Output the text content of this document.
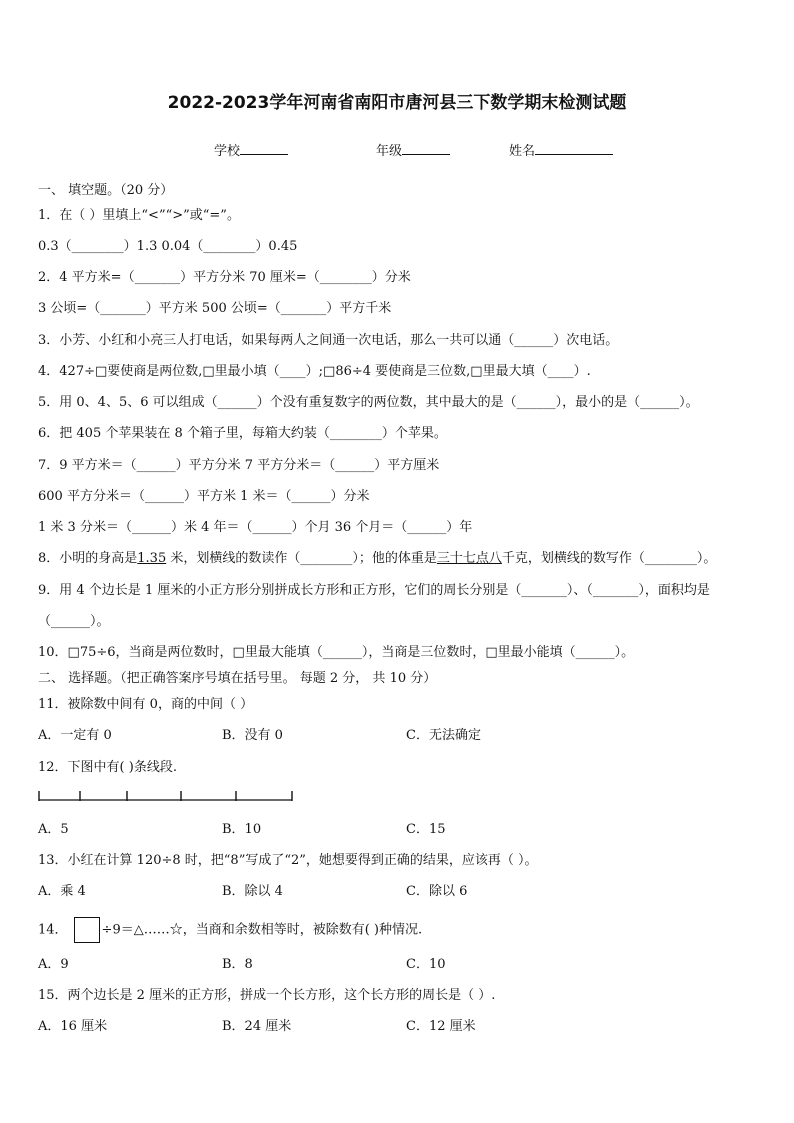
2022-2023学年河南省南阳市唐河县三下数学期末检测试题
学校	年级	姓名
一、 填空题。（20 分）
1．在（ ）里填上“<”“>”或“=”。
0.3（________）1.3 0.04（________）0.45
2．4 平方米=（_______）平方分米 70 厘米=（________）分米
3 公顷=（_______）平方米 500 公顷=（_______）平方千米
3．小芳、小红和小亮三人打电话，如果每两人之间通一次电话，那么一共可以通（______）次电话。
4．427÷□要使商是两位数,□里最小填（____）;□86÷4 要使商是三位数,□里最大填（____）.
5．用 0、4、5、6 可以组成（______）个没有重复数字的两位数，其中最大的是（______），最小的是（______）。
6．把 405 个苹果装在 8 个箱子里，每箱大约装（________）个苹果。
7．9 平方米＝（______）平方分米 7 平方分米＝（______）平方厘米
600 平方分米＝（______）平方米 1 米＝（______）分米
1 米 3 分米＝（______）米 4 年＝（______）个月 36 个月＝（______）年
8．小明的身高是1.35 米，划横线的数读作（________）；他的体重是三十七点八千克，划横线的数写作（________）。
9．用 4 个边长是 1 厘米的小正方形分别拼成长方形和正方形，它们的周长分别是（_______）、（_______），面积均是
（______）。
10．□75÷6，当商是两位数时，□里最大能填（______），当商是三位数时，□里最小能填（______）。
二、 选择题。（把正确答案序号填在括号里。 每题 2 分， 共 10 分）
11．被除数中间有 0，商的中间（ ）
A．一定有 0	B．没有 0	C．无法确定
12．下图中有( )条线段.
A．5	B．10	C．15
13．小红在计算 120÷8 时，把“8”写成了“2”，她想要得到正确的结果，应该再（ ）。
A．乘 4	B．除以 4	C．除以 6
14．	÷9＝△……☆，当商和余数相等时，被除数有( )种情况.
A．9	B．8	C．10
15．两个边长是 2 厘米的正方形，拼成一个长方形，这个长方形的周长是（ ）.
A．16 厘米	B．24 厘米	C．12 厘米
